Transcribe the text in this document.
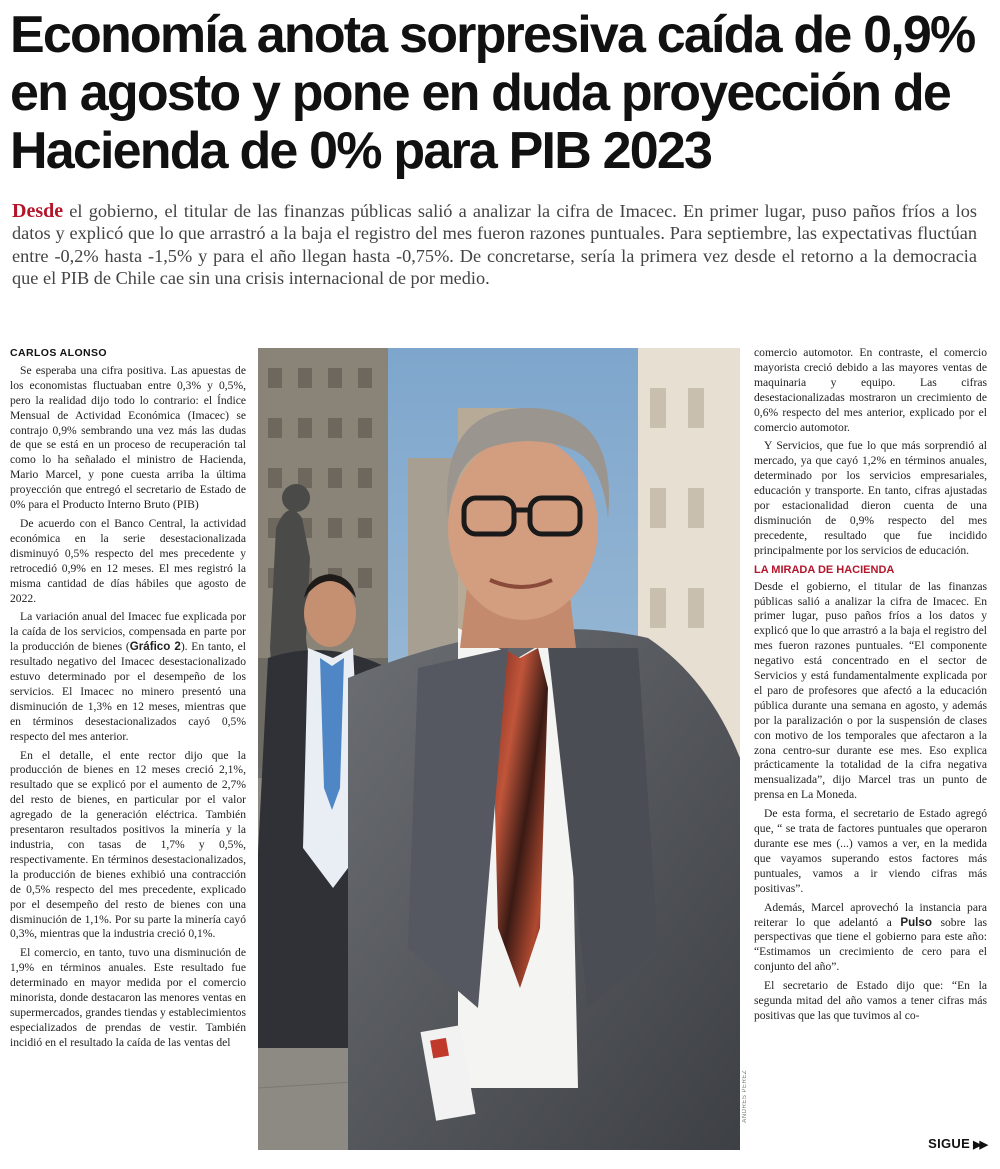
Economía anota sorpresiva caída de 0,9% en agosto y pone en duda proyección de Hacienda de 0% para PIB 2023

Desde el gobierno, el titular de las finanzas públicas salió a analizar la cifra de Imacec. En primer lugar, puso paños fríos a los datos y explicó que lo que arrastró a la baja el registro del mes fueron razones puntuales. Para septiembre, las expectativas fluctúan entre -0,2% hasta -1,5% y para el año llegan hasta -0,75%. De concretarse, sería la primera vez desde el retorno a la democracia que el PIB de Chile cae sin una crisis internacional de por medio.

CARLOS ALONSO

Se esperaba una cifra positiva. Las apuestas de los economistas fluctuaban entre 0,3% y 0,5%, pero la realidad dijo todo lo contrario: el Índice Mensual de Actividad Económica (Imacec) se contrajo 0,9% sembrando una vez más las dudas de que se está en un proceso de recuperación tal como lo ha señalado el ministro de Hacienda, Mario Marcel, y pone cuesta arriba la última proyección que entregó el secretario de Estado de 0% para el Producto Interno Bruto (PIB)

De acuerdo con el Banco Central, la actividad económica en la serie desestacionalizada disminuyó 0,5% respecto del mes precedente y retrocedió 0,9% en 12 meses. El mes registró la misma cantidad de días hábiles que agosto de 2022.

La variación anual del Imacec fue explicada por la caída de los servicios, compensada en parte por la producción de bienes (Gráfico 2). En tanto, el resultado negativo del Imacec desestacionalizado estuvo determinado por el desempeño de los servicios. El Imacec no minero presentó una disminución de 1,3% en 12 meses, mientras que en términos desestacionalizados cayó 0,5% respecto del mes anterior.

En el detalle, el ente rector dijo que la producción de bienes en 12 meses creció 2,1%, resultado que se explicó por el aumento de 2,7% del resto de bienes, en particular por el valor agregado de la generación eléctrica. También presentaron resultados positivos la minería y la industria, con tasas de 1,7% y 0,5%, respectivamente. En términos desestacionalizados, la producción de bienes exhibió una contracción de 0,5% respecto del mes precedente, explicado por el desempeño del resto de bienes con una disminución de 1,1%. Por su parte la minería cayó 0,3%, mientras que la industria creció 0,1%.

El comercio, en tanto, tuvo una disminución de 1,9% en términos anuales. Este resultado fue determinado en mayor medida por el comercio minorista, donde destacaron las menores ventas en supermercados, grandes tiendas y establecimientos especializados de prendas de vestir. También incidió en el resultado la caída de las ventas del

ANDRES PEREZ

comercio automotor. En contraste, el comercio mayorista creció debido a las mayores ventas de maquinaria y equipo. Las cifras desestacionalizadas mostraron un crecimiento de 0,6% respecto del mes anterior, explicado por el comercio automotor.

Y Servicios, que fue lo que más sorprendió al mercado, ya que cayó 1,2% en términos anuales, determinado por los servicios empresariales, educación y transporte. En tanto, cifras ajustadas por estacionalidad dieron cuenta de una disminución de 0,9% respecto del mes precedente, resultado que fue incidido principalmente por los servicios de educación.

LA MIRADA DE HACIENDA

Desde el gobierno, el titular de las finanzas públicas salió a analizar la cifra de Imacec. En primer lugar, puso paños fríos a los datos y explicó que lo que arrastró a la baja el registro del mes fueron razones puntuales. “El componente negativo está concentrado en el sector de Servicios y está fundamentalmente explicada por el paro de profesores que afectó a la educación pública durante una semana en agosto, y además por la paralización o por la suspensión de clases con motivo de los temporales que afectaron a la zona centro-sur durante ese mes. Eso explica prácticamente la totalidad de la cifra negativa mensualizada”, dijo Marcel tras un punto de prensa en La Moneda.

De esta forma, el secretario de Estado agregó que, “ se trata de factores puntuales que operaron durante ese mes (...) vamos a ver, en la medida que vayamos superando estos factores más puntuales, vamos a ir viendo cifras más positivas”.

Además, Marcel aprovechó la instancia para reiterar lo que adelantó a Pulso sobre las perspectivas que tiene el gobierno para este año: “Estimamos un crecimiento de cero para el conjunto del año”.

El secretario de Estado dijo que: “En la segunda mitad del año vamos a tener cifras más positivas que las que tuvimos al co-

SIGUE ▶▶
